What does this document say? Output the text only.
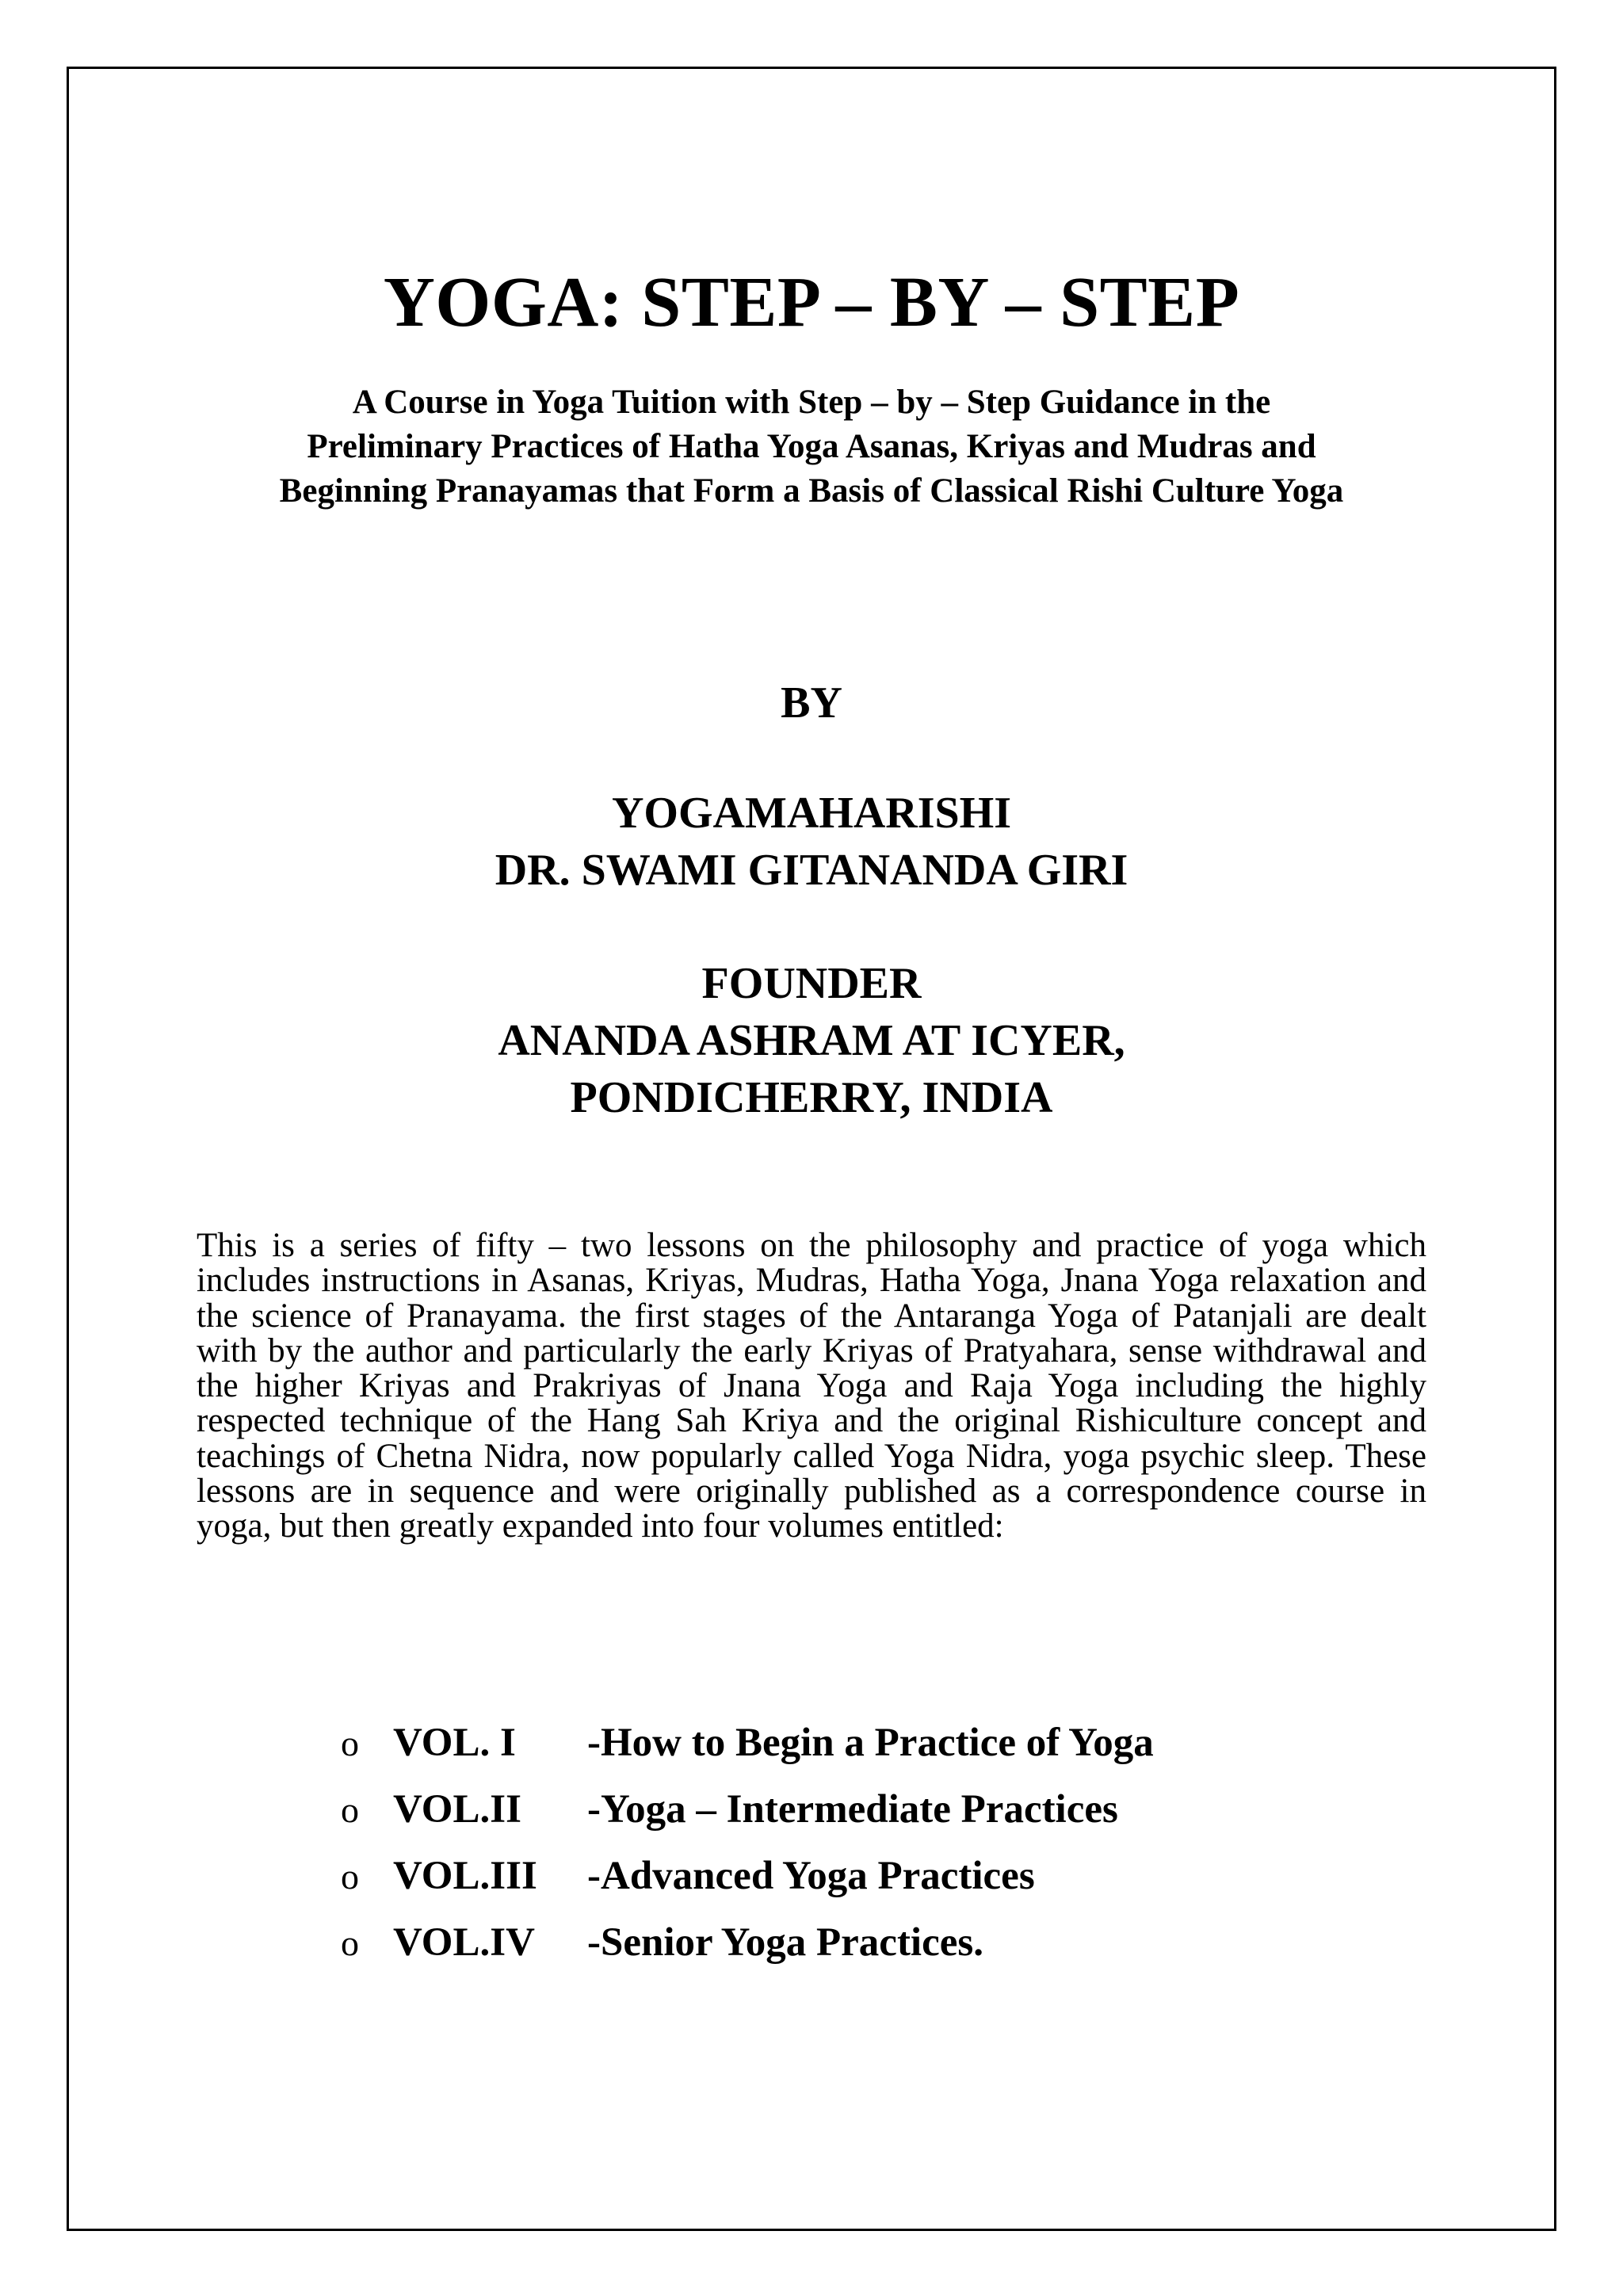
YOGA: STEP – BY – STEP
A Course in Yoga Tuition with Step – by – Step Guidance in the
Preliminary Practices of Hatha Yoga Asanas, Kriyas and Mudras and
Beginning Pranayamas that Form a Basis of Classical Rishi Culture Yoga
BY
YOGAMAHARISHI
DR. SWAMI GITANANDA GIRI
FOUNDER
ANANDA ASHRAM AT ICYER,
PONDICHERRY, INDIA

This is a series of fifty – two lessons on the philosophy and practice of yoga which includes instructions in Asanas, Kriyas, Mudras, Hatha Yoga, Jnana Yoga relaxation and the science of Pranayama. the first stages of the Antaranga Yoga of Patanjali are dealt with by the author and particularly the early Kriyas of Pratyahara, sense withdrawal and the higher Kriyas and Prakriyas of Jnana Yoga and Raja Yoga including the highly respected technique of the Hang Sah Kriya and the original Rishiculture concept and teachings of Chetna Nidra, now popularly called Yoga Nidra, yoga psychic sleep. These lessons are in sequence and were originally published as a correspondence course in yoga, but then greatly expanded into four volumes entitled:

o VOL. I	-How to Begin a Practice of Yoga
o VOL.II	-Yoga – Intermediate Practices
o VOL.III	-Advanced Yoga Practices
o VOL.IV	-Senior Yoga Practices.
